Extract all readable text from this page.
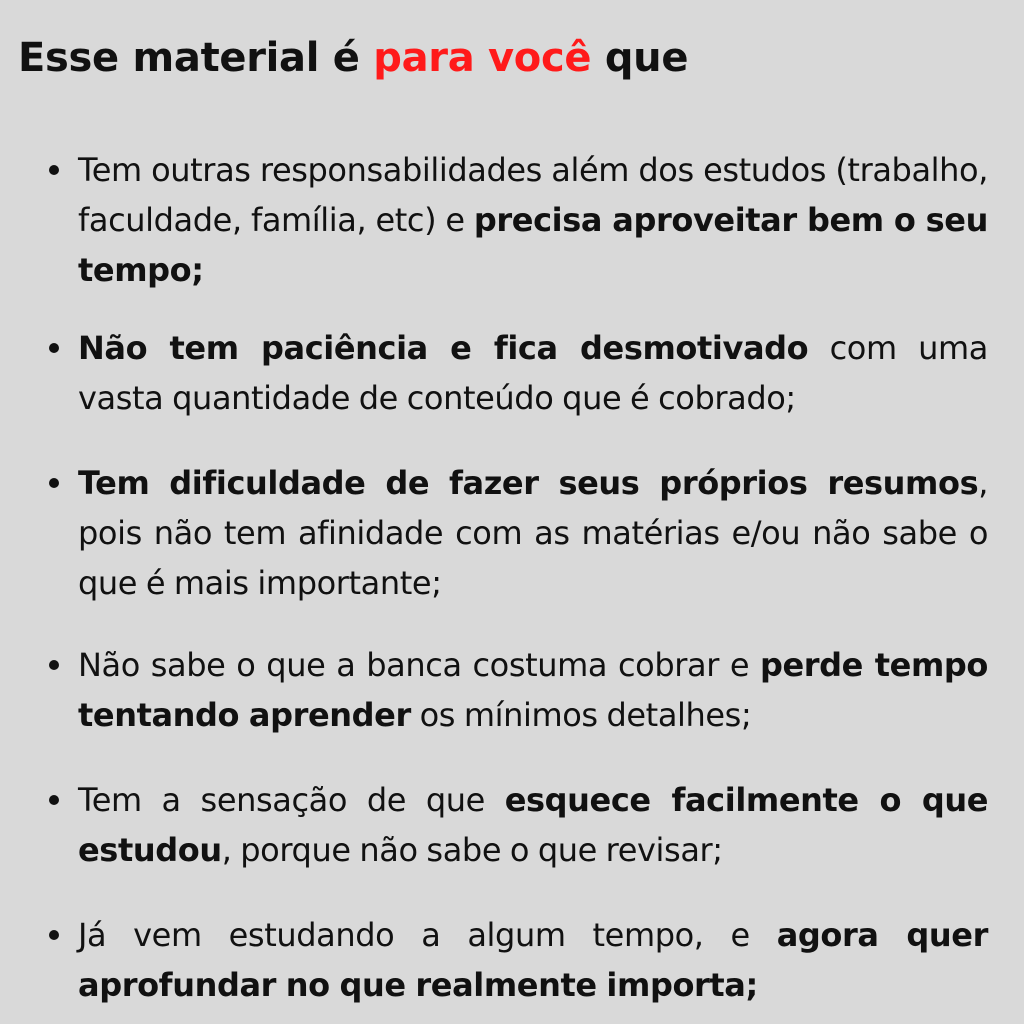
Esse material é para você que
Tem outras responsabilidades além dos estudos (trabalho, faculdade, família, etc) e precisa aproveitar bem o seu tempo;
Não tem paciência e fica desmotivado com uma vasta quantidade de conteúdo que é cobrado;
Tem dificuldade de fazer seus próprios resumos, pois não tem afinidade com as matérias e/ou não sabe o que é mais importante;
Não sabe o que a banca costuma cobrar e perde tempo tentando aprender os mínimos detalhes;
Tem a sensação de que esquece facilmente o que estudou, porque não sabe o que revisar;
Já vem estudando a algum tempo, e agora quer aprofundar no que realmente importa;
